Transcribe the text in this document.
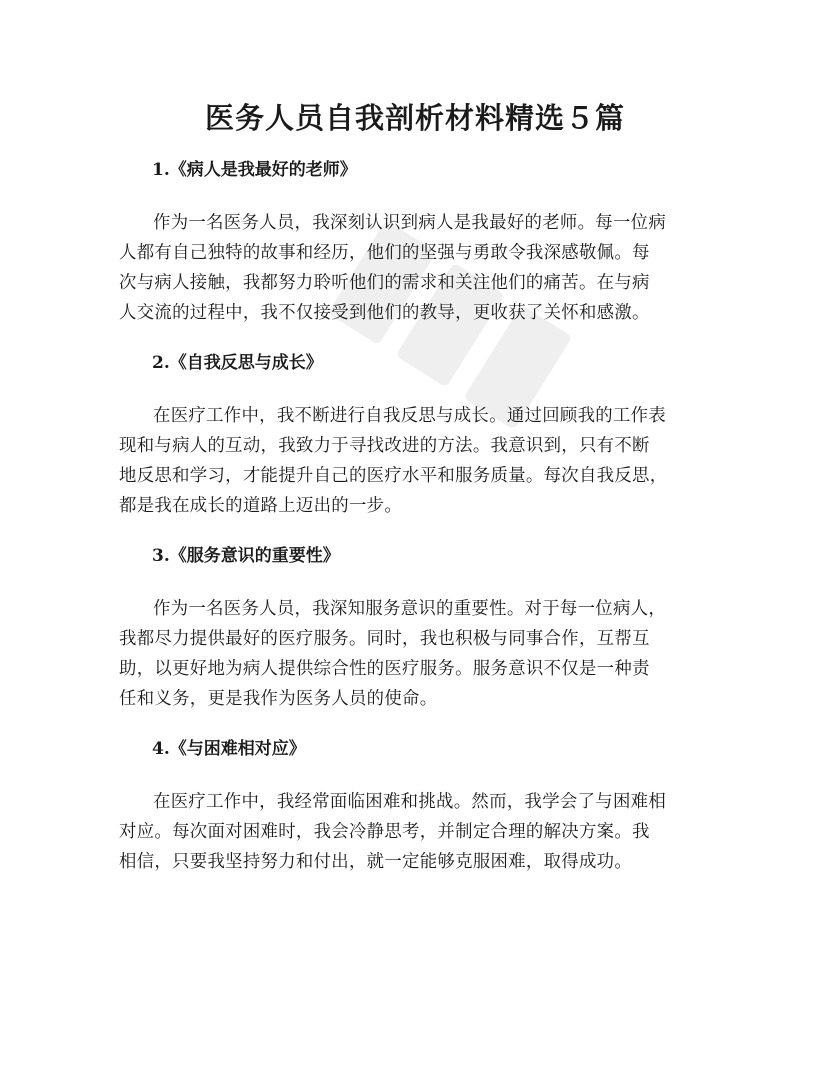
医务人员自我剖析材料精选５篇
1.《病人是我最好的老师》

作为一名医务人员，我深刻认识到病人是我最好的老师。每一位病
人都有自己独特的故事和经历，他们的坚强与勇敢令我深感敬佩。每
次与病人接触，我都努力聆听他们的需求和关注他们的痛苦。在与病
人交流的过程中，我不仅接受到他们的教导，更收获了关怀和感激。

2.《自我反思与成长》

在医疗工作中，我不断进行自我反思与成长。通过回顾我的工作表
现和与病人的互动，我致力于寻找改进的方法。我意识到，只有不断
地反思和学习，才能提升自己的医疗水平和服务质量。每次自我反思，
都是我在成长的道路上迈出的一步。

3.《服务意识的重要性》

作为一名医务人员，我深知服务意识的重要性。对于每一位病人，
我都尽力提供最好的医疗服务。同时，我也积极与同事合作，互帮互
助，以更好地为病人提供综合性的医疗服务。服务意识不仅是一种责
任和义务，更是我作为医务人员的使命。

4.《与困难相对应》

在医疗工作中，我经常面临困难和挑战。然而，我学会了与困难相
对应。每次面对困难时，我会冷静思考，并制定合理的解决方案。我
相信，只要我坚持努力和付出，就一定能够克服困难，取得成功。
